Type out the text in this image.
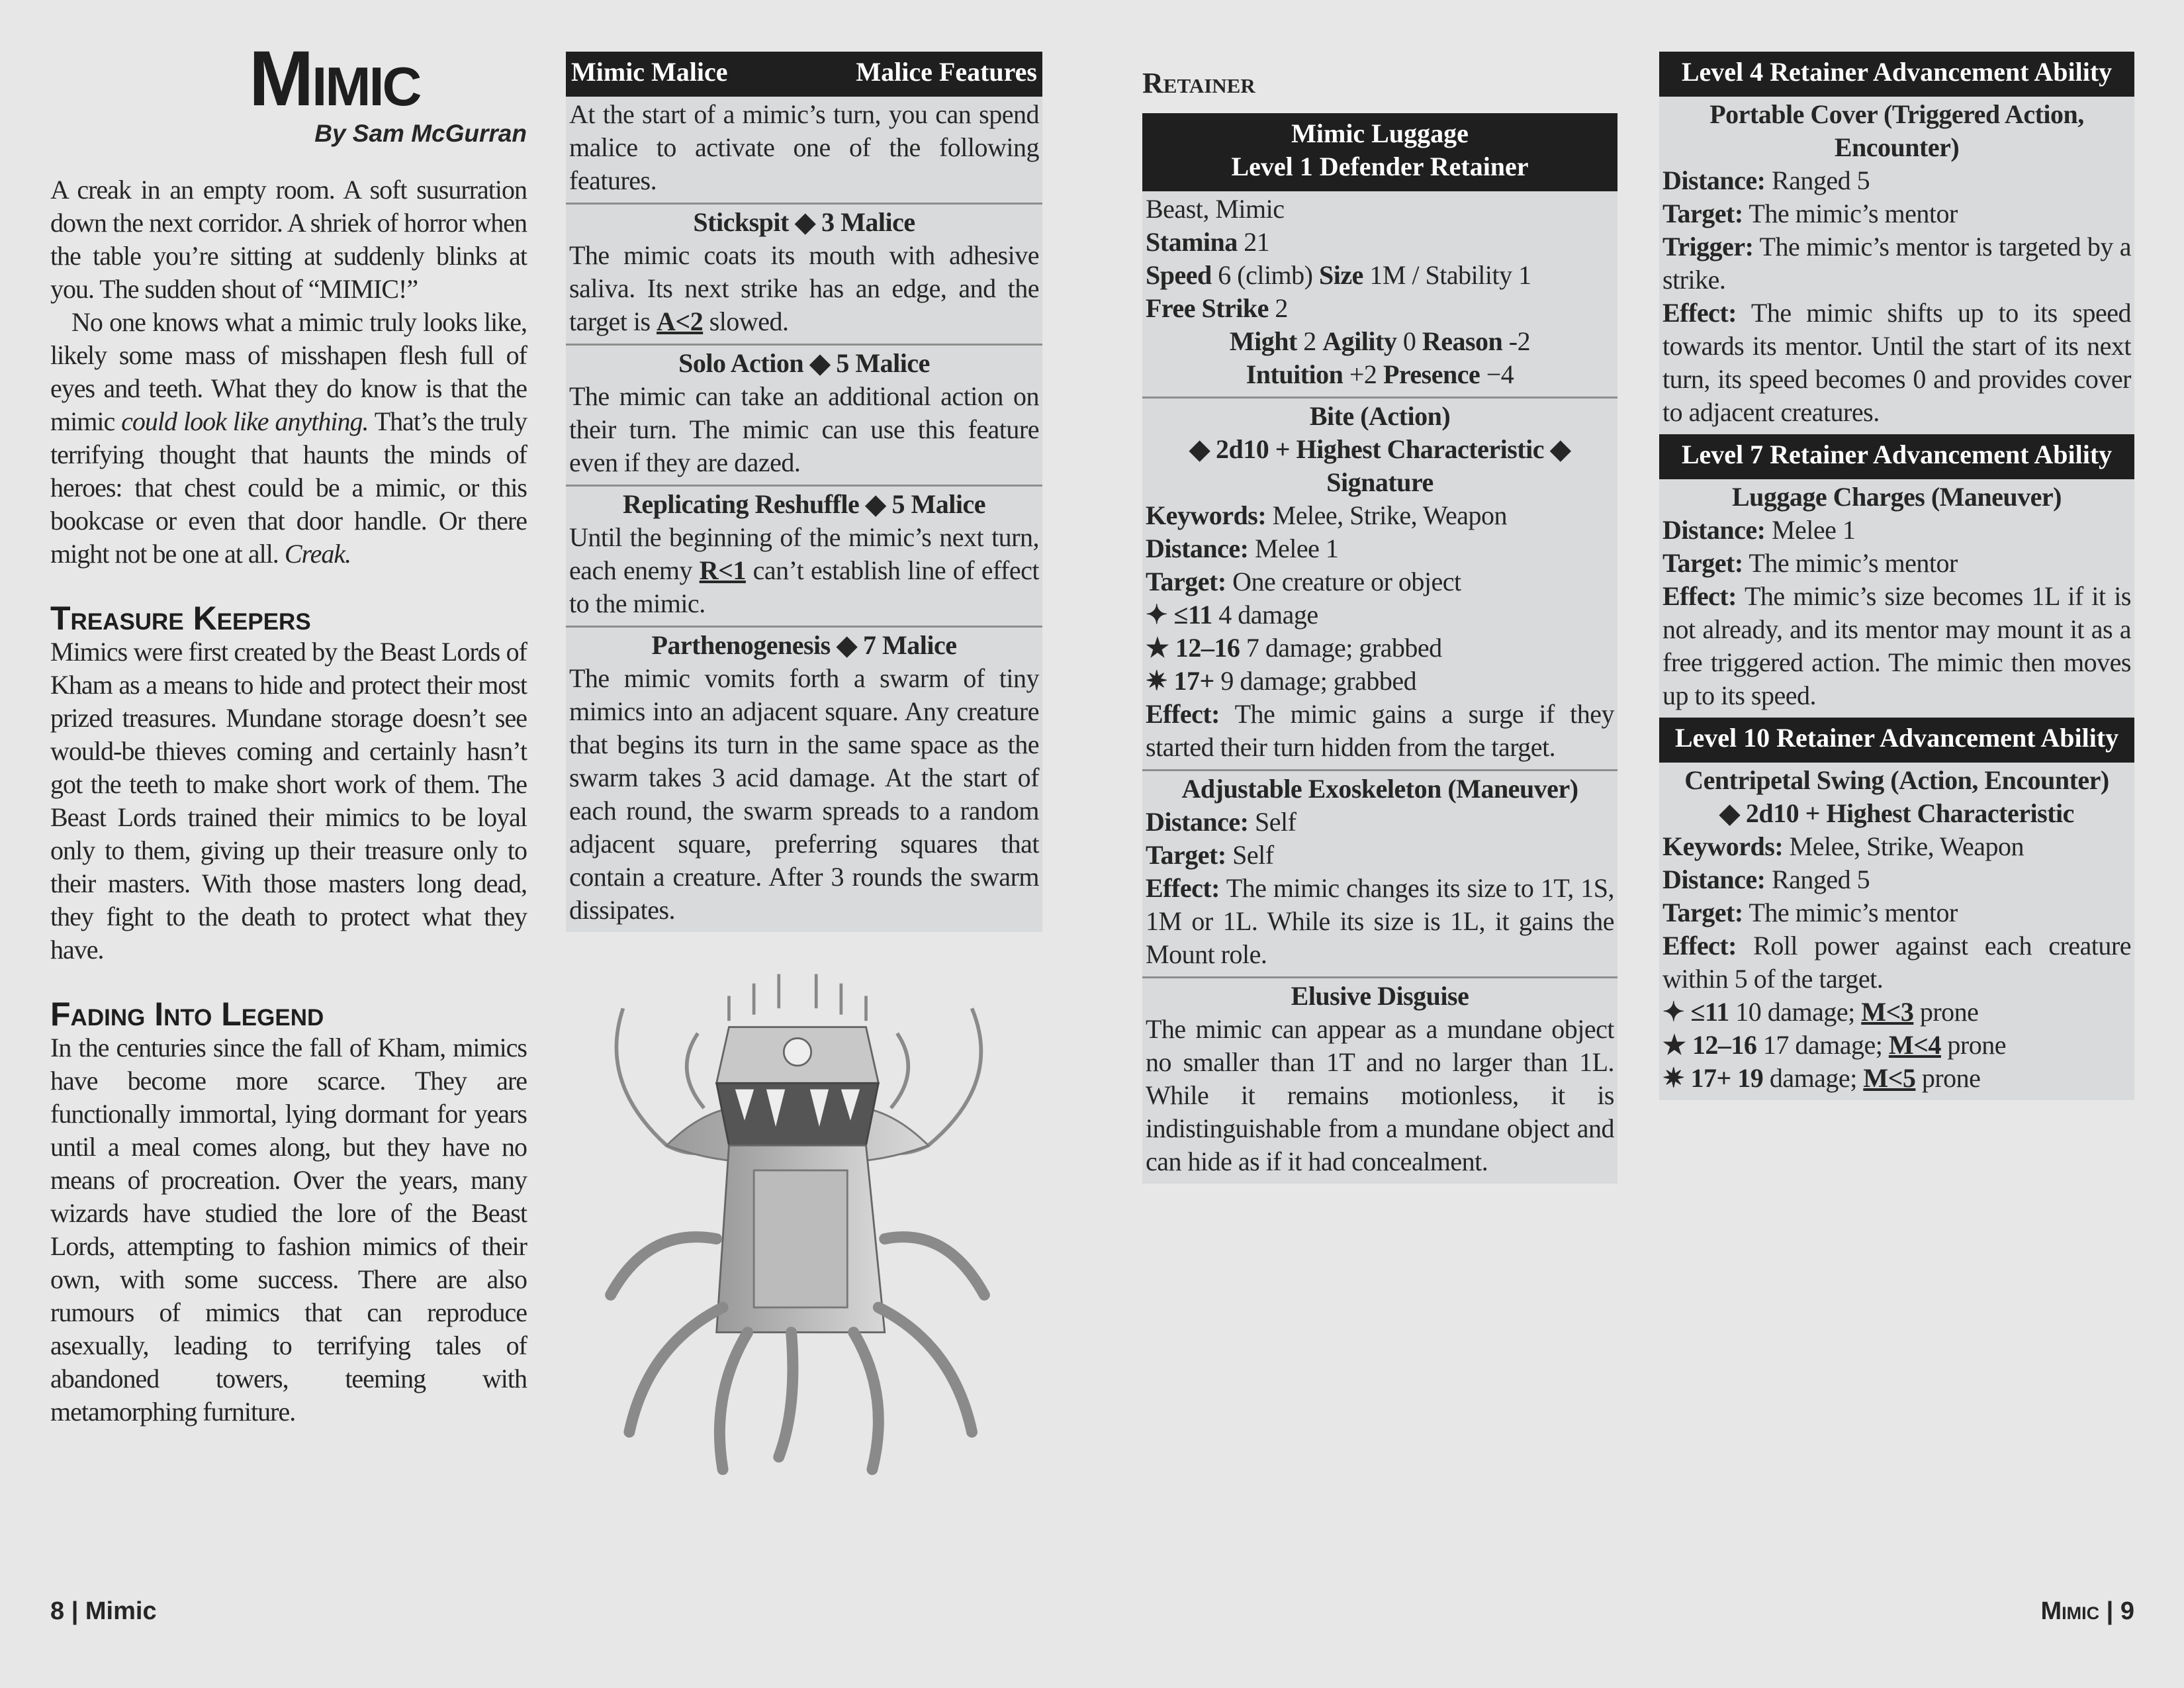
Mimic
By Sam McGurran
A creak in an empty room. A soft susurration down the next corridor. A shriek of horror when the table you’re sitting at suddenly blinks at you. The sudden shout of “MIMIC!”
No one knows what a mimic truly looks like, likely some mass of misshapen flesh full of eyes and teeth. What they do know is that the mimic could look like anything. That’s the truly terrifying thought that haunts the minds of heroes: that chest could be a mimic, or this bookcase or even that door handle. Or there might not be one at all. Creak.
Treasure Keepers
Mimics were first created by the Beast Lords of Kham as a means to hide and protect their most prized treasures. Mundane storage doesn’t see would-be thieves coming and certainly hasn’t got the teeth to make short work of them. The Beast Lords trained their mimics to be loyal only to them, giving up their treasure only to their masters. With those masters long dead, they fight to the death to protect what they have.
Fading Into Legend
In the centuries since the fall of Kham, mimics have become more scarce. They are functionally immortal, lying dormant for years until a meal comes along, but they have no means of procreation. Over the years, many wizards have studied the lore of the Beast Lords, attempting to fashion mimics of their own, with some success. There are also rumours of mimics that can reproduce asexually, leading to terrifying tales of abandoned towers, teeming with metamorphing furniture.
Mimic Malice	Malice Features
At the start of a mimic’s turn, you can spend malice to activate one of the following features.
Stickspit ◆ 3 Malice
The mimic coats its mouth with adhesive saliva. Its next strike has an edge, and the target is A<2 slowed.
Solo Action ◆ 5 Malice
The mimic can take an additional action on their turn. The mimic can use this feature even if they are dazed.
Replicating Reshuffle ◆ 5 Malice
Until the beginning of the mimic’s next turn, each enemy R<1 can’t establish line of effect to the mimic.
Parthenogenesis ◆ 7 Malice
The mimic vomits forth a swarm of tiny mimics into an adjacent square. Any creature that begins its turn in the same space as the swarm takes 3 acid damage. At the start of each round, the swarm spreads to a random adjacent square, preferring squares that contain a creature. After 3 rounds the swarm dissipates.
Retainer
Mimic Luggage
Level 1 Defender Retainer
Beast, Mimic
Stamina 21
Speed 6 (climb) Size 1M / Stability 1
Free Strike 2
Might 2 Agility 0 Reason -2
Intuition +2 Presence −4
Bite (Action)
◆ 2d10 + Highest Characteristic ◆ Signature
Keywords: Melee, Strike, Weapon
Distance: Melee 1
Target: One creature or object
✦ ≤11 4 damage
★ 12–16 7 damage; grabbed
✷ 17+ 9 damage; grabbed
Effect: The mimic gains a surge if they started their turn hidden from the target.
Adjustable Exoskeleton (Maneuver)
Distance: Self
Target: Self
Effect: The mimic changes its size to 1T, 1S, 1M or 1L. While its size is 1L, it gains the Mount role.
Elusive Disguise
The mimic can appear as a mundane object no smaller than 1T and no larger than 1L. While it remains motionless, it is indistinguishable from a mundane object and can hide as if it had concealment.
Level 4 Retainer Advancement Ability
Portable Cover (Triggered Action, Encounter)
Distance: Ranged 5
Target: The mimic’s mentor
Trigger: The mimic’s mentor is targeted by a strike.
Effect: The mimic shifts up to its speed towards its mentor. Until the start of its next turn, its speed becomes 0 and provides cover to adjacent creatures.
Level 7 Retainer Advancement Ability
Luggage Charges (Maneuver)
Distance: Melee 1
Target: The mimic’s mentor
Effect: The mimic’s size becomes 1L if it is not already, and its mentor may mount it as a free triggered action. The mimic then moves up to its speed.
Level 10 Retainer Advancement Ability
Centripetal Swing (Action, Encounter)
◆ 2d10 + Highest Characteristic
Keywords: Melee, Strike, Weapon
Distance: Ranged 5
Target: The mimic’s mentor
Effect: Roll power against each creature within 5 of the target.
✦ ≤11 10 damage; M<3 prone
★ 12–16 17 damage; M<4 prone
✷ 17+ 19 damage; M<5 prone
8 | Mimic	Mimic | 9
